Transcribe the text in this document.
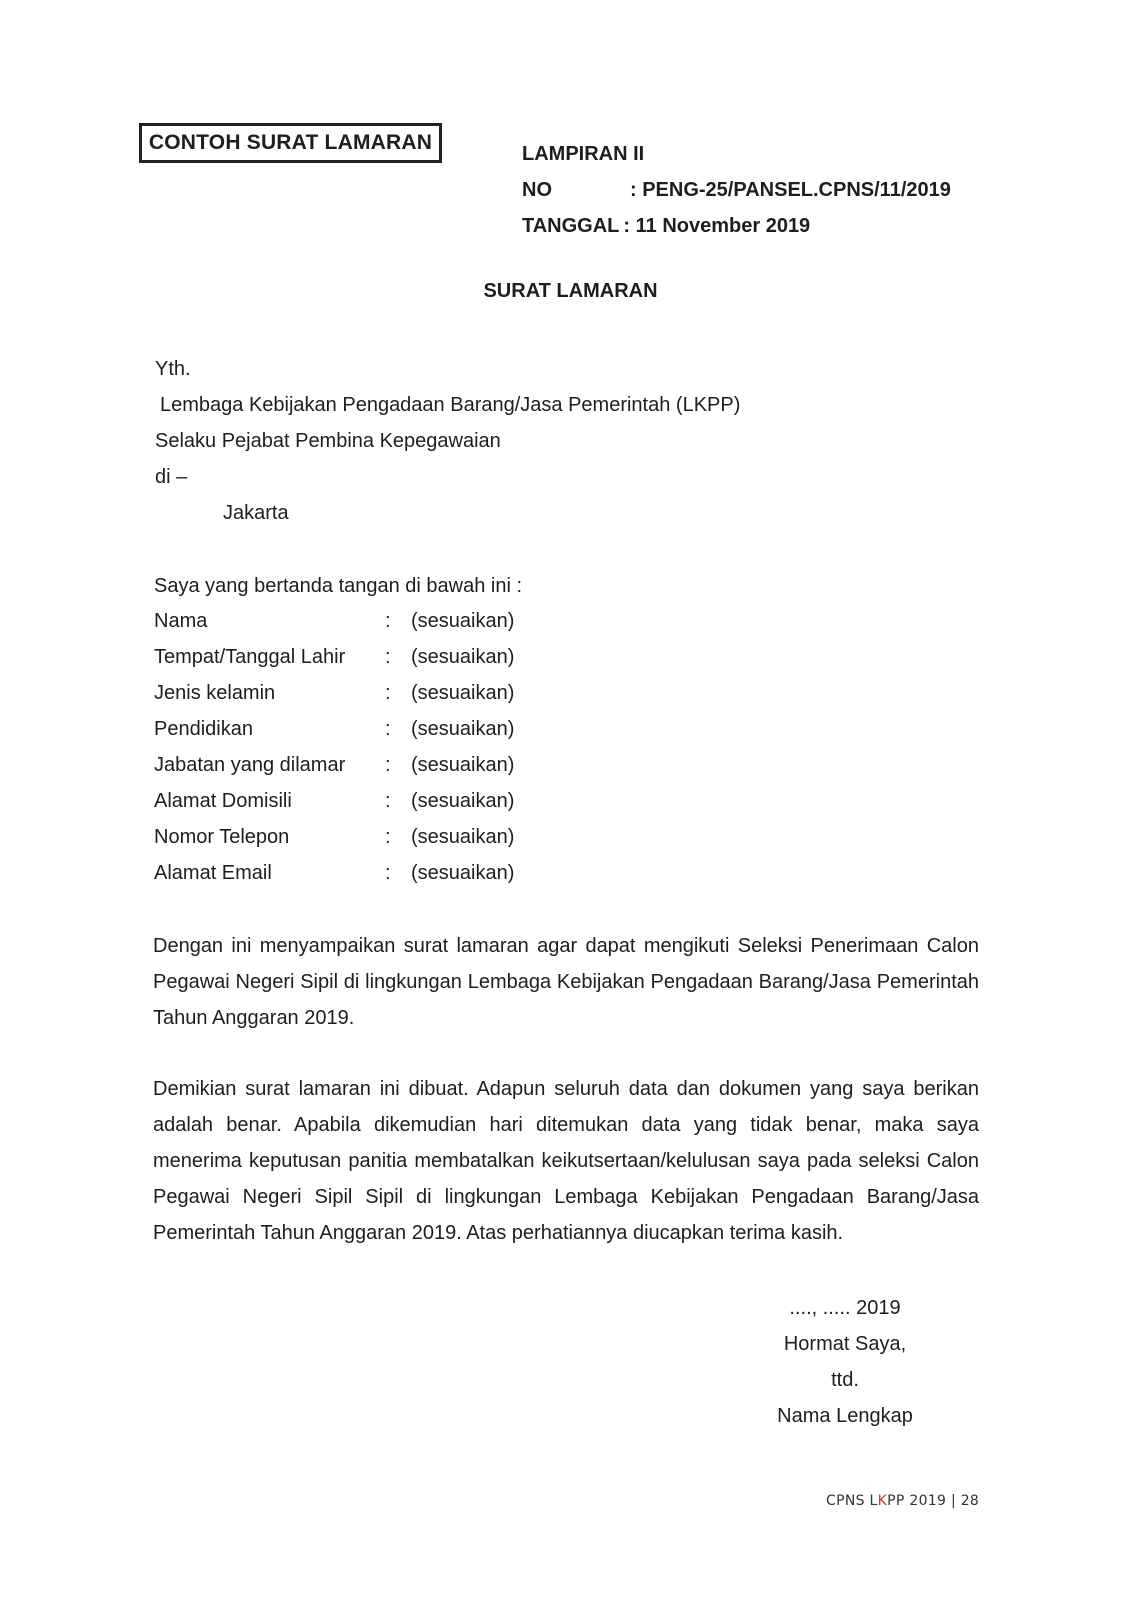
CONTOH SURAT LAMARAN	LAMPIRAN II
NO	: PENG-25/PANSEL.CPNS/11/2019
TANGGAL : 11 November 2019
SURAT LAMARAN
Yth.
Lembaga Kebijakan Pengadaan Barang/Jasa Pemerintah (LKPP)
Selaku Pejabat Pembina Kepegawaian
di –
Jakarta
Saya yang bertanda tangan di bawah ini :
Nama	:	(sesuaikan)
Tempat/Tanggal Lahir	:	(sesuaikan)
Jenis kelamin	:	(sesuaikan)
Pendidikan	:	(sesuaikan)
Jabatan yang dilamar	:	(sesuaikan)
Alamat Domisili	:	(sesuaikan)
Nomor Telepon	:	(sesuaikan)
Alamat Email	:	(sesuaikan)
Dengan ini menyampaikan surat lamaran agar dapat mengikuti Seleksi Penerimaan Calon Pegawai Negeri Sipil di lingkungan Lembaga Kebijakan Pengadaan Barang/Jasa Pemerintah Tahun Anggaran 2019.
Demikian surat lamaran ini dibuat. Adapun seluruh data dan dokumen yang saya berikan adalah benar. Apabila dikemudian hari ditemukan data yang tidak benar, maka saya menerima keputusan panitia membatalkan keikutsertaan/kelulusan saya pada seleksi Calon Pegawai Negeri Sipil Sipil di lingkungan Lembaga Kebijakan Pengadaan Barang/Jasa Pemerintah Tahun Anggaran 2019. Atas perhatiannya diucapkan terima kasih.
...., ..... 2019
Hormat Saya,
ttd.
Nama Lengkap
CPNS LKPP 2019 | 28
